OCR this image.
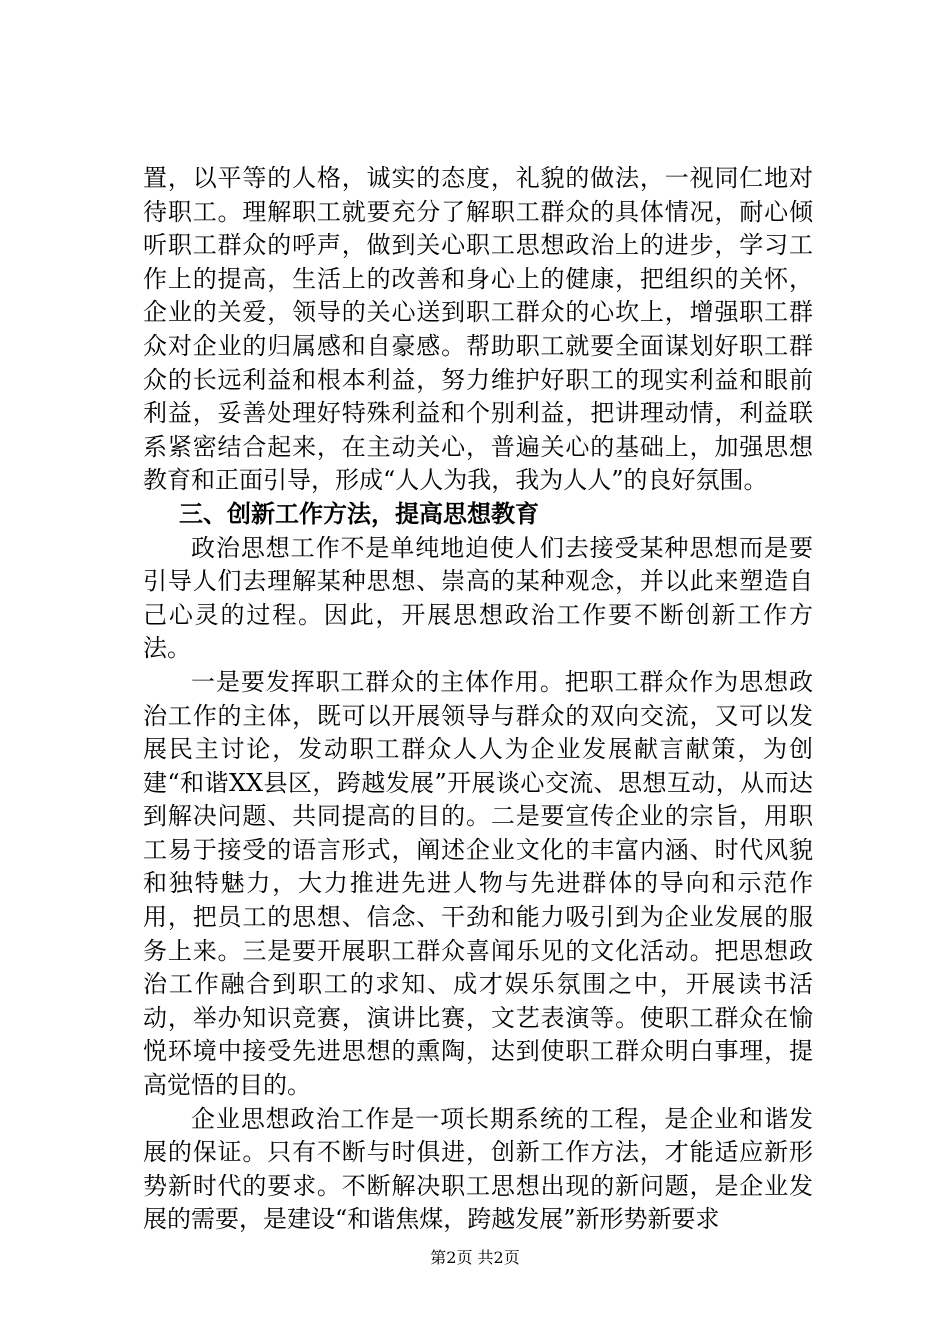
置，以平等的人格，诚实的态度，礼貌的做法，一视同仁地对待职工。理解职工就要充分了解职工群众的具体情况，耐心倾听职工群众的呼声，做到关心职工思想政治上的进步，学习工作上的提高，生活上的改善和身心上的健康，把组织的关怀，企业的关爱，领导的关心送到职工群众的心坎上，增强职工群众对企业的归属感和自豪感。帮助职工就要全面谋划好职工群众的长远利益和根本利益，努力维护好职工的现实利益和眼前利益，妥善处理好特殊利益和个别利益，把讲理动情，利益联系紧密结合起来，在主动关心，普遍关心的基础上，加强思想教育和正面引导，形成“人人为我，我为人人”的良好氛围。

三、创新工作方法，提高思想教育

政治思想工作不是单纯地迫使人们去接受某种思想而是要引导人们去理解某种思想、崇高的某种观念，并以此来塑造自己心灵的过程。因此，开展思想政治工作要不断创新工作方法。

一是要发挥职工群众的主体作用。把职工群众作为思想政治工作的主体，既可以开展领导与群众的双向交流，又可以发展民主讨论，发动职工群众人人为企业发展献言献策，为创建“和谐XX县区，跨越发展”开展谈心交流、思想互动，从而达到解决问题、共同提高的目的。二是要宣传企业的宗旨，用职工易于接受的语言形式，阐述企业文化的丰富内涵、时代风貌和独特魅力，大力推进先进人物与先进群体的导向和示范作用，把员工的思想、信念、干劲和能力吸引到为企业发展的服务上来。三是要开展职工群众喜闻乐见的文化活动。把思想政治工作融合到职工的求知、成才娱乐氛围之中，开展读书活动，举办知识竞赛，演讲比赛，文艺表演等。使职工群众在愉悦环境中接受先进思想的熏陶，达到使职工群众明白事理，提高觉悟的目的。

企业思想政治工作是一项长期系统的工程，是企业和谐发展的保证。只有不断与时俱进，创新工作方法，才能适应新形势新时代的要求。不断解决职工思想出现的新问题，是企业发展的需要，是建设“和谐焦煤，跨越发展”新形势新要求

第2页 共2页
